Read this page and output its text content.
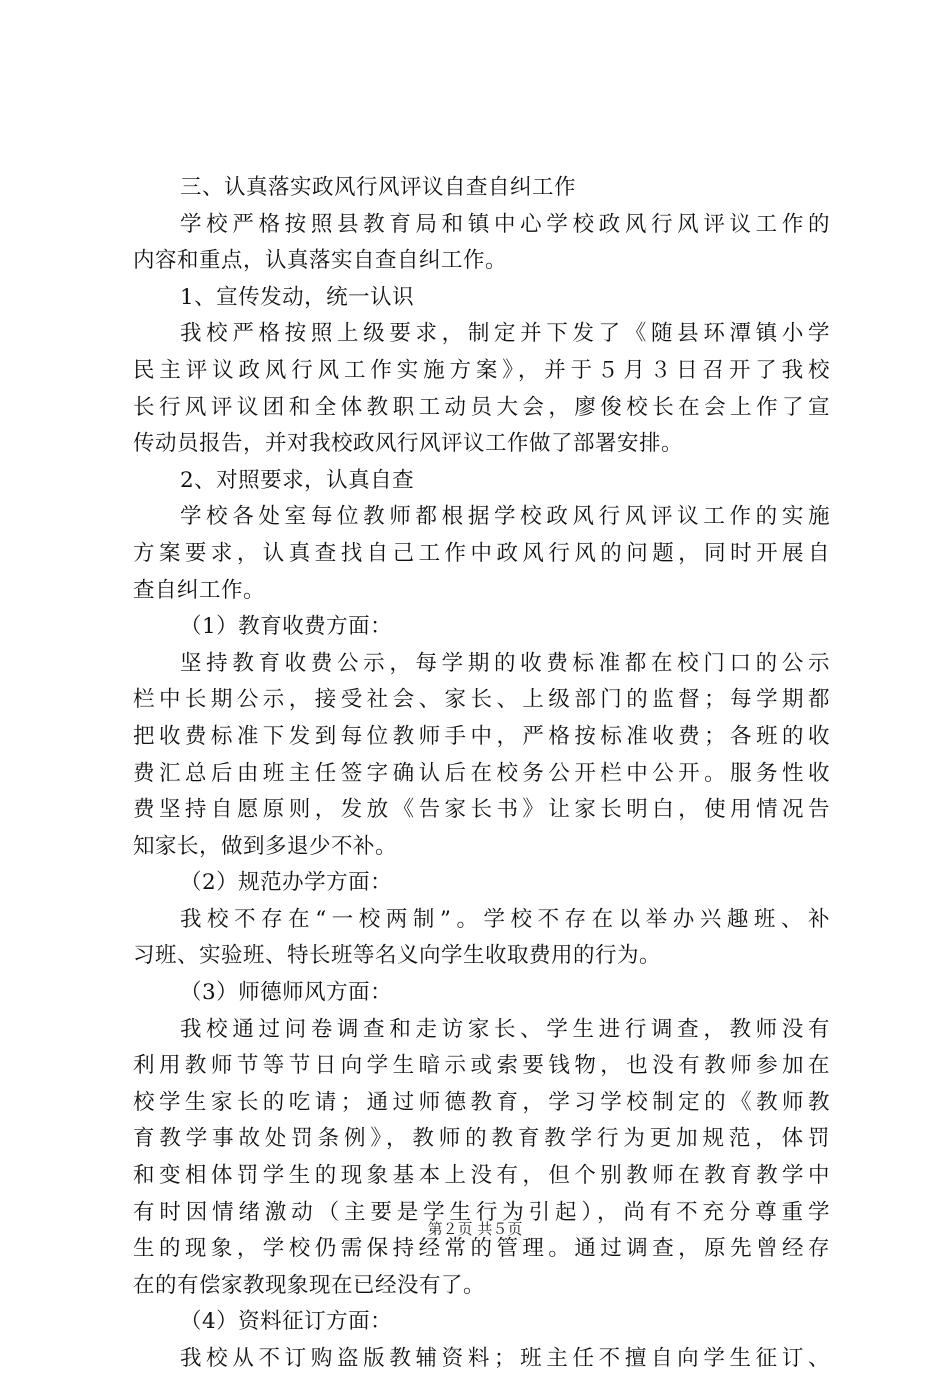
三、认真落实政风行风评议自查自纠工作
学校严格按照县教育局和镇中心学校政风行风评议工作的
内容和重点，认真落实自查自纠工作。
1、宣传发动，统一认识
我校严格按照上级要求，制定并下发了《随县环潭镇小学
民主评议政风行风工作实施方案》，并于５月３日召开了我校
长行风评议团和全体教职工动员大会，廖俊校长在会上作了宣
传动员报告，并对我校政风行风评议工作做了部署安排。
2、对照要求，认真自查
学校各处室每位教师都根据学校政风行风评议工作的实施
方案要求，认真查找自己工作中政风行风的问题，同时开展自
查自纠工作。
（1）教育收费方面：
坚持教育收费公示，每学期的收费标准都在校门口的公示
栏中长期公示，接受社会、家长、上级部门的监督；每学期都
把收费标准下发到每位教师手中，严格按标准收费；各班的收
费汇总后由班主任签字确认后在校务公开栏中公开。服务性收
费坚持自愿原则，发放《告家长书》让家长明白，使用情况告
知家长，做到多退少不补。
（2）规范办学方面：
我校不存在“一校两制”。学校不存在以举办兴趣班、补
习班、实验班、特长班等名义向学生收取费用的行为。
（3）师德师风方面：
我校通过问卷调查和走访家长、学生进行调查，教师没有
利用教师节等节日向学生暗示或索要钱物，也没有教师参加在
校学生家长的吃请；通过师德教育，学习学校制定的《教师教
育教学事故处罚条例》，教师的教育教学行为更加规范，体罚
和变相体罚学生的现象基本上没有，但个别教师在教育教学中
有时因情绪激动（主要是学生行为引起），尚有不充分尊重学
生的现象，学校仍需保持经常的管理。通过调查，原先曾经存
在的有偿家教现象现在已经没有了。
（4）资料征订方面：
我校从不订购盗版教辅资料；班主任不擅自向学生征订、
第２页 共５页
